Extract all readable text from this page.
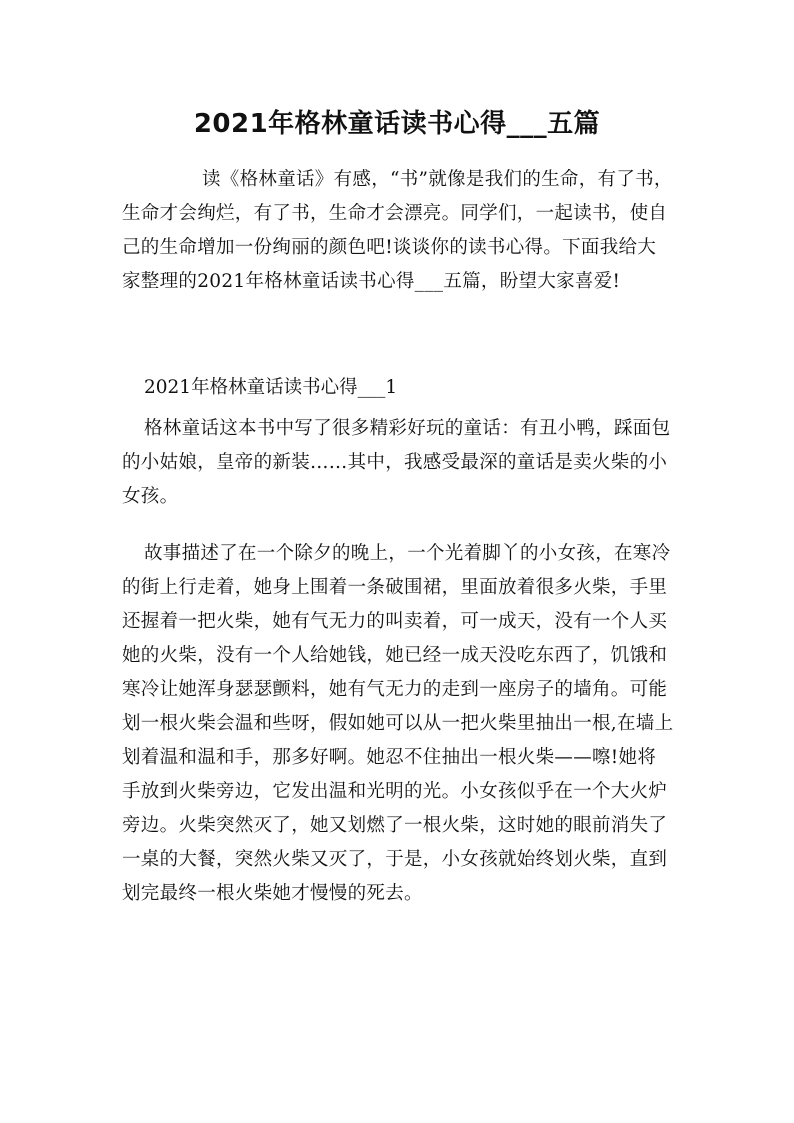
2021年格林童话读书心得___五篇

读《格林童话》有感，“书”就像是我们的生命，有了书，生命才会绚烂，有了书，生命才会漂亮。同学们，一起读书，使自己的生命增加一份绚丽的颜色吧!谈谈你的读书心得。下面我给大家整理的2021年格林童话读书心得___五篇，盼望大家喜爱!

2021年格林童话读书心得___1

格林童话这本书中写了很多精彩好玩的童话：有丑小鸭，踩面包的小姑娘，皇帝的新装……其中，我感受最深的童话是卖火柴的小女孩。

故事描述了在一个除夕的晚上，一个光着脚丫的小女孩，在寒冷的街上行走着，她身上围着一条破围裙，里面放着很多火柴，手里还握着一把火柴，她有气无力的叫卖着，可一成天，没有一个人买她的火柴，没有一个人给她钱，她已经一成天没吃东西了，饥饿和寒冷让她浑身瑟瑟颤料，她有气无力的走到一座房子的墙角。可能划一根火柴会温和些呀，假如她可以从一把火柴里抽出一根,在墙上划着温和温和手，那多好啊。她忍不住抽出一根火柴——嚓!她将手放到火柴旁边，它发出温和光明的光。小女孩似乎在一个大火炉旁边。火柴突然灭了，她又划燃了一根火柴，这时她的眼前消失了一桌的大餐，突然火柴又灭了，于是，小女孩就始终划火柴，直到划完最终一根火柴她才慢慢的死去。
